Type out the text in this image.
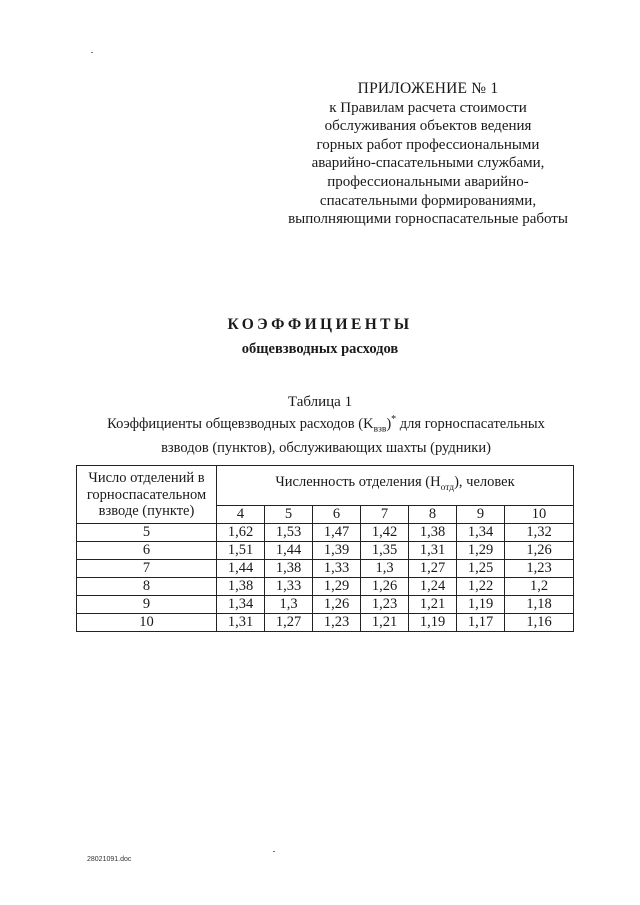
ПРИЛОЖЕНИЕ № 1
к Правилам расчета стоимости
обслуживания объектов ведения
горных работ профессиональными
аварийно-спасательными службами,
профессиональными аварийно-
спасательными формированиями,
выполняющими горноспасательные работы
КОЭФФИЦИЕНТЫ
общевзводных расходов
Таблица 1
Коэффициенты общевзводных расходов $(K_{взв})^*$ для горноспасательных
взводов (пунктов), обслуживающих шахты (рудники)
Число отделений в горноспасательном взводе (пункте)	Численность отделения $(H_{отд})$, человек						
	4	5	6	7	8	9	10
5	1,62	1,53	1,47	1,42	1,38	1,34	1,32
6	1,51	1,44	1,39	1,35	1,31	1,29	1,26
7	1,44	1,38	1,33	1,3	1,27	1,25	1,23
8	1,38	1,33	1,29	1,26	1,24	1,22	1,2
9	1,34	1,3	1,26	1,23	1,21	1,19	1,18
10	1,31	1,27	1,23	1,21	1,19	1,17	1,16
28021091.doc
